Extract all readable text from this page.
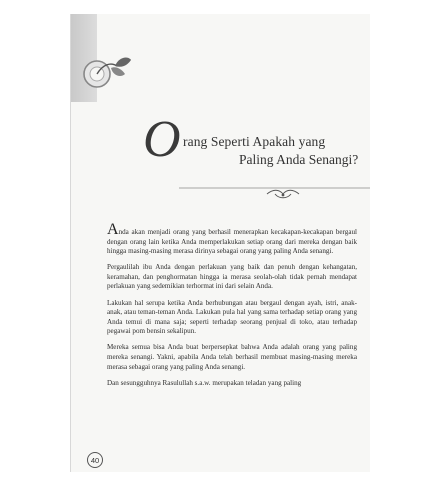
O rang Seperti Apakah yang
Paling Anda Senangi?

Anda akan menjadi orang yang berhasil menerapkan kecakapan-kecakapan bergaul dengan orang lain ketika Anda memperlakukan setiap orang dari mereka dengan baik hingga masing-masing merasa dirinya sebagai orang yang paling Anda senangi.

Pergaulilah ibu Anda dengan perlakuan yang baik dan penuh dengan kehangatan, keramahan, dan penghormatan hingga ia merasa seolah-olah tidak pernah mendapat perlakuan yang sedemikian terhormat ini dari selain Anda.

Lakukan hal serupa ketika Anda berhubungan atau bergaul dengan ayah, istri, anak-anak, atau teman-teman Anda. Lakukan pula hal yang sama terhadap setiap orang yang Anda temui di mana saja; seperti terhadap seorang penjual di toko, atau terhadap pegawai pom bensin sekalipun.

Mereka semua bisa Anda buat berpersepkat bahwa Anda adalah orang yang paling mereka senangi. Yakni, apabila Anda telah berhasil membuat masing-masing mereka merasa sebagai orang yang paling Anda senangi.

Dan sesungguhnya Rasulullah s.a.w. merupakan teladan yang paling

40
